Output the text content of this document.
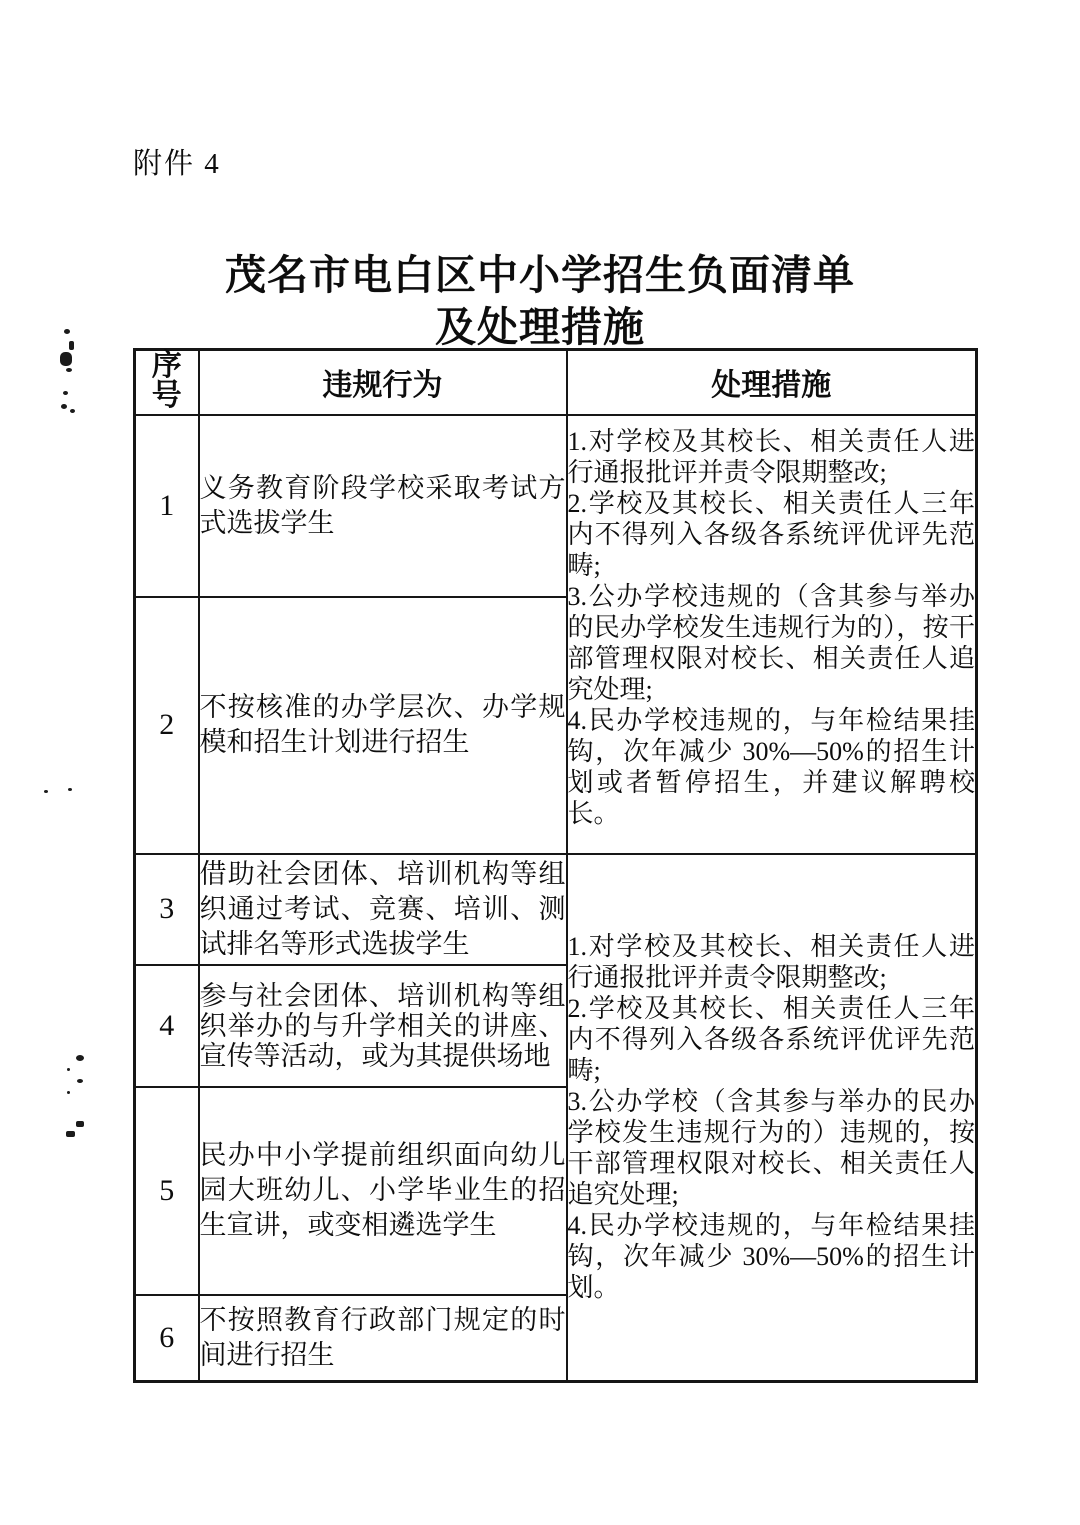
附件 4
茂名市电白区中小学招生负面清单
及处理措施
序号	违规行为	处理措施
1	义务教育阶段学校采取考试方式选拔学生	1.对学校及其校长、相关责任人进行通报批评并责令限期整改;
2.学校及其校长、相关责任人三年内不得列入各级各系统评优评先范畴;
3.公办学校违规的（含其参与举办的民办学校发生违规行为的），按干部管理权限对校长、相关责任人追究处理;
4.民办学校违规的，与年检结果挂钩，次年减少 30%—50%的招生计划或者暂停招生，并建议解聘校长。

2	不按核准的办学层次、办学规模和招生计划进行招生	
3	借助社会团体、培训机构等组织通过考试、竞赛、培训、测试排名等形式选拔学生	1.对学校及其校长、相关责任人进行通报批评并责令限期整改;
2.学校及其校长、相关责任人三年内不得列入各级各系统评优评先范畴;
3.公办学校（含其参与举办的民办学校发生违规行为的）违规的，按干部管理权限对校长、相关责任人追究处理;
4.民办学校违规的，与年检结果挂钩，次年减少 30%—50%的招生计划。

4	参与社会团体、培训机构等组织举办的与升学相关的讲座、宣传等活动，或为其提供场地	
5	民办中小学提前组织面向幼儿园大班幼儿、小学毕业生的招生宣讲，或变相遴选学生	
6	不按照教育行政部门规定的时间进行招生	
